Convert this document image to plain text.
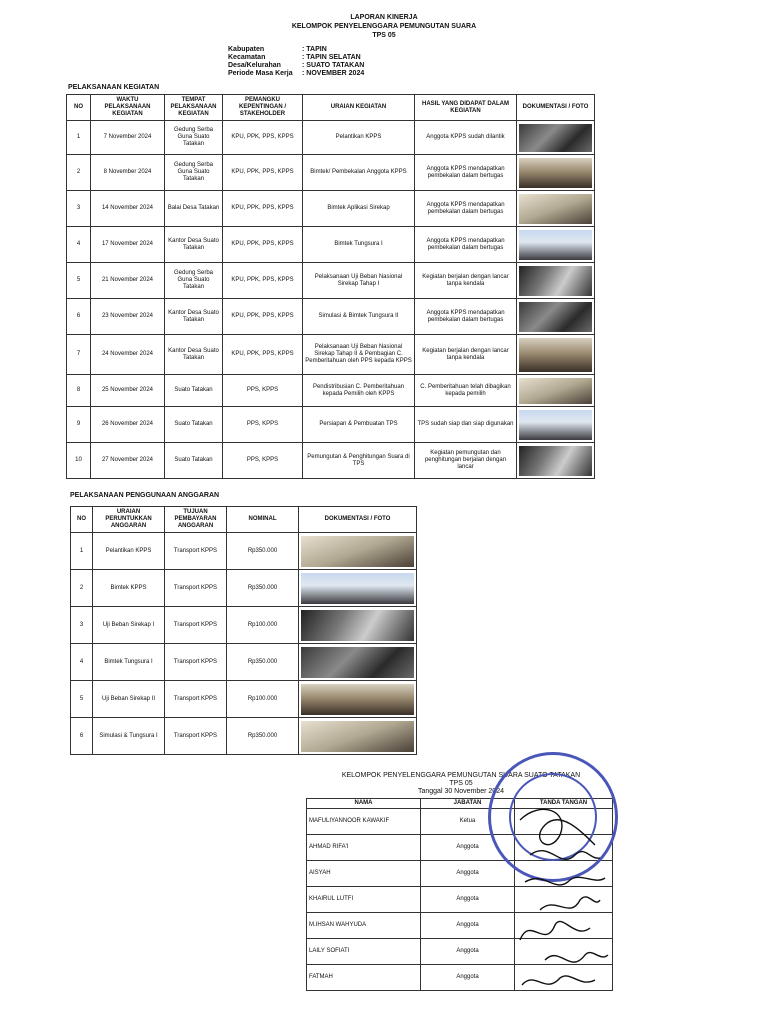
LAPORAN KINERJA
KELOMPOK PENYELENGGARA PEMUNGUTAN SUARA
TPS 05
Kabupaten	: TAPIN
Kecamatan	: TAPIN SELATAN
Desa/Kelurahan	: SUATO TATAKAN
Periode Masa Kerja : NOVEMBER 2024
PELAKSANAAN KEGIATAN
NO	WAKTU PELAKSANAAN KEGIATAN	TEMPAT PELAKSANAAN KEGIATAN	PEMANGKU KEPENTINGAN / STAKEHOLDER	URAIAN KEGIATAN	HASIL YANG DIDAPAT DALAM KEGIATAN	DOKUMENTASI / FOTO
1	7 November 2024	Gedung Serba Guna Suato Tatakan	KPU, PPK, PPS, KPPS	Pelantikan KPPS	Anggota KPPS sudah dilantik	

2	8 November 2024	Gedung Serba Guna Suato Tatakan	KPU, PPK, PPS, KPPS	Bimtek/ Pembekalan Anggota KPPS	Anggota KPPS mendapatkan pembekalan dalam bertugas	

3	14 November 2024	Balai Desa Tatakan	KPU, PPK, PPS, KPPS	Bimtek Aplikasi Sirekap	Anggota KPPS mendapatkan pembekalan dalam bertugas	

4	17 November 2024	Kantor Desa Suato Tatakan	KPU, PPK, PPS, KPPS	Bimtek Tungsura I	Anggota KPPS mendapatkan pembekalan dalam bertugas	

5	21 November 2024	Gedung Serba Guna Suato Tatakan	KPU, PPK, PPS, KPPS	Pelaksanaan Uji Beban Nasional Sirekap Tahap I	Kegiatan berjalan dengan lancar tanpa kendala	

6	23 November 2024	Kantor Desa Suato Tatakan	KPU, PPK, PPS, KPPS	Simulasi & Bimtek Tungsura II	Anggota KPPS mendapatkan pembekalan dalam bertugas	

7	24 November 2024	Kantor Desa Suato Tatakan	KPU, PPK, PPS, KPPS	Pelaksanaan Uji Beban Nasional Sirekap Tahap II & Pembagian C. Pemberitahuan oleh PPS kepada KPPS	Kegiatan berjalan dengan lancar tanpa kendala	

8	25 November 2024	Suato Tatakan	PPS, KPPS	Pendistribusian C. Pemberitahuan kepada Pemilih oleh KPPS	C. Pemberitahuan telah dibagikan kepada pemilih	

9	26 November 2024	Suato Tatakan	PPS, KPPS	Persiapan & Pembuatan TPS	TPS sudah siap dan siap digunakan	

10	27 November 2024	Suato Tatakan	PPS, KPPS	Pemungutan & Penghitungan Suara di TPS	Kegiatan pemungutan dan penghitungan berjalan dengan lancar	
PELAKSANAAN PENGGUNAAN ANGGARAN
NO	URAIAN PERUNTUKKAN ANGGARAN	TUJUAN PEMBAYARAN ANGGARAN	NOMINAL	DOKUMENTASI / FOTO
1	Pelantikan KPPS	Transport KPPS	Rp350.000	

2	Bimtek KPPS	Transport KPPS	Rp350.000	

3	Uji Beban Sirekap I	Transport KPPS	Rp100.000	

4	Bimtek Tungsura I	Transport KPPS	Rp350.000	

5	Uji Beban Sirekap II	Transport KPPS	Rp100.000	

6	Simulasi & Tungsura I	Transport KPPS	Rp350.000	
KELOMPOK PENYELENGGARA PEMUNGUTAN SUARA SUATO TATAKAN
TPS 05
Tanggal 30 November 2024
NAMA	JABATAN	TANDA TANGAN
MAFULIYANNOOR KAWAKIF	Ketua	
AHMAD RIFA'I	Anggota	
AISYAH	Anggota	
KHAIRUL LUTFI	Anggota	
M.IHSAN WAHYUDA	Anggota	
LAILY SOFIATI	Anggota	
FATMAH	Anggota	
